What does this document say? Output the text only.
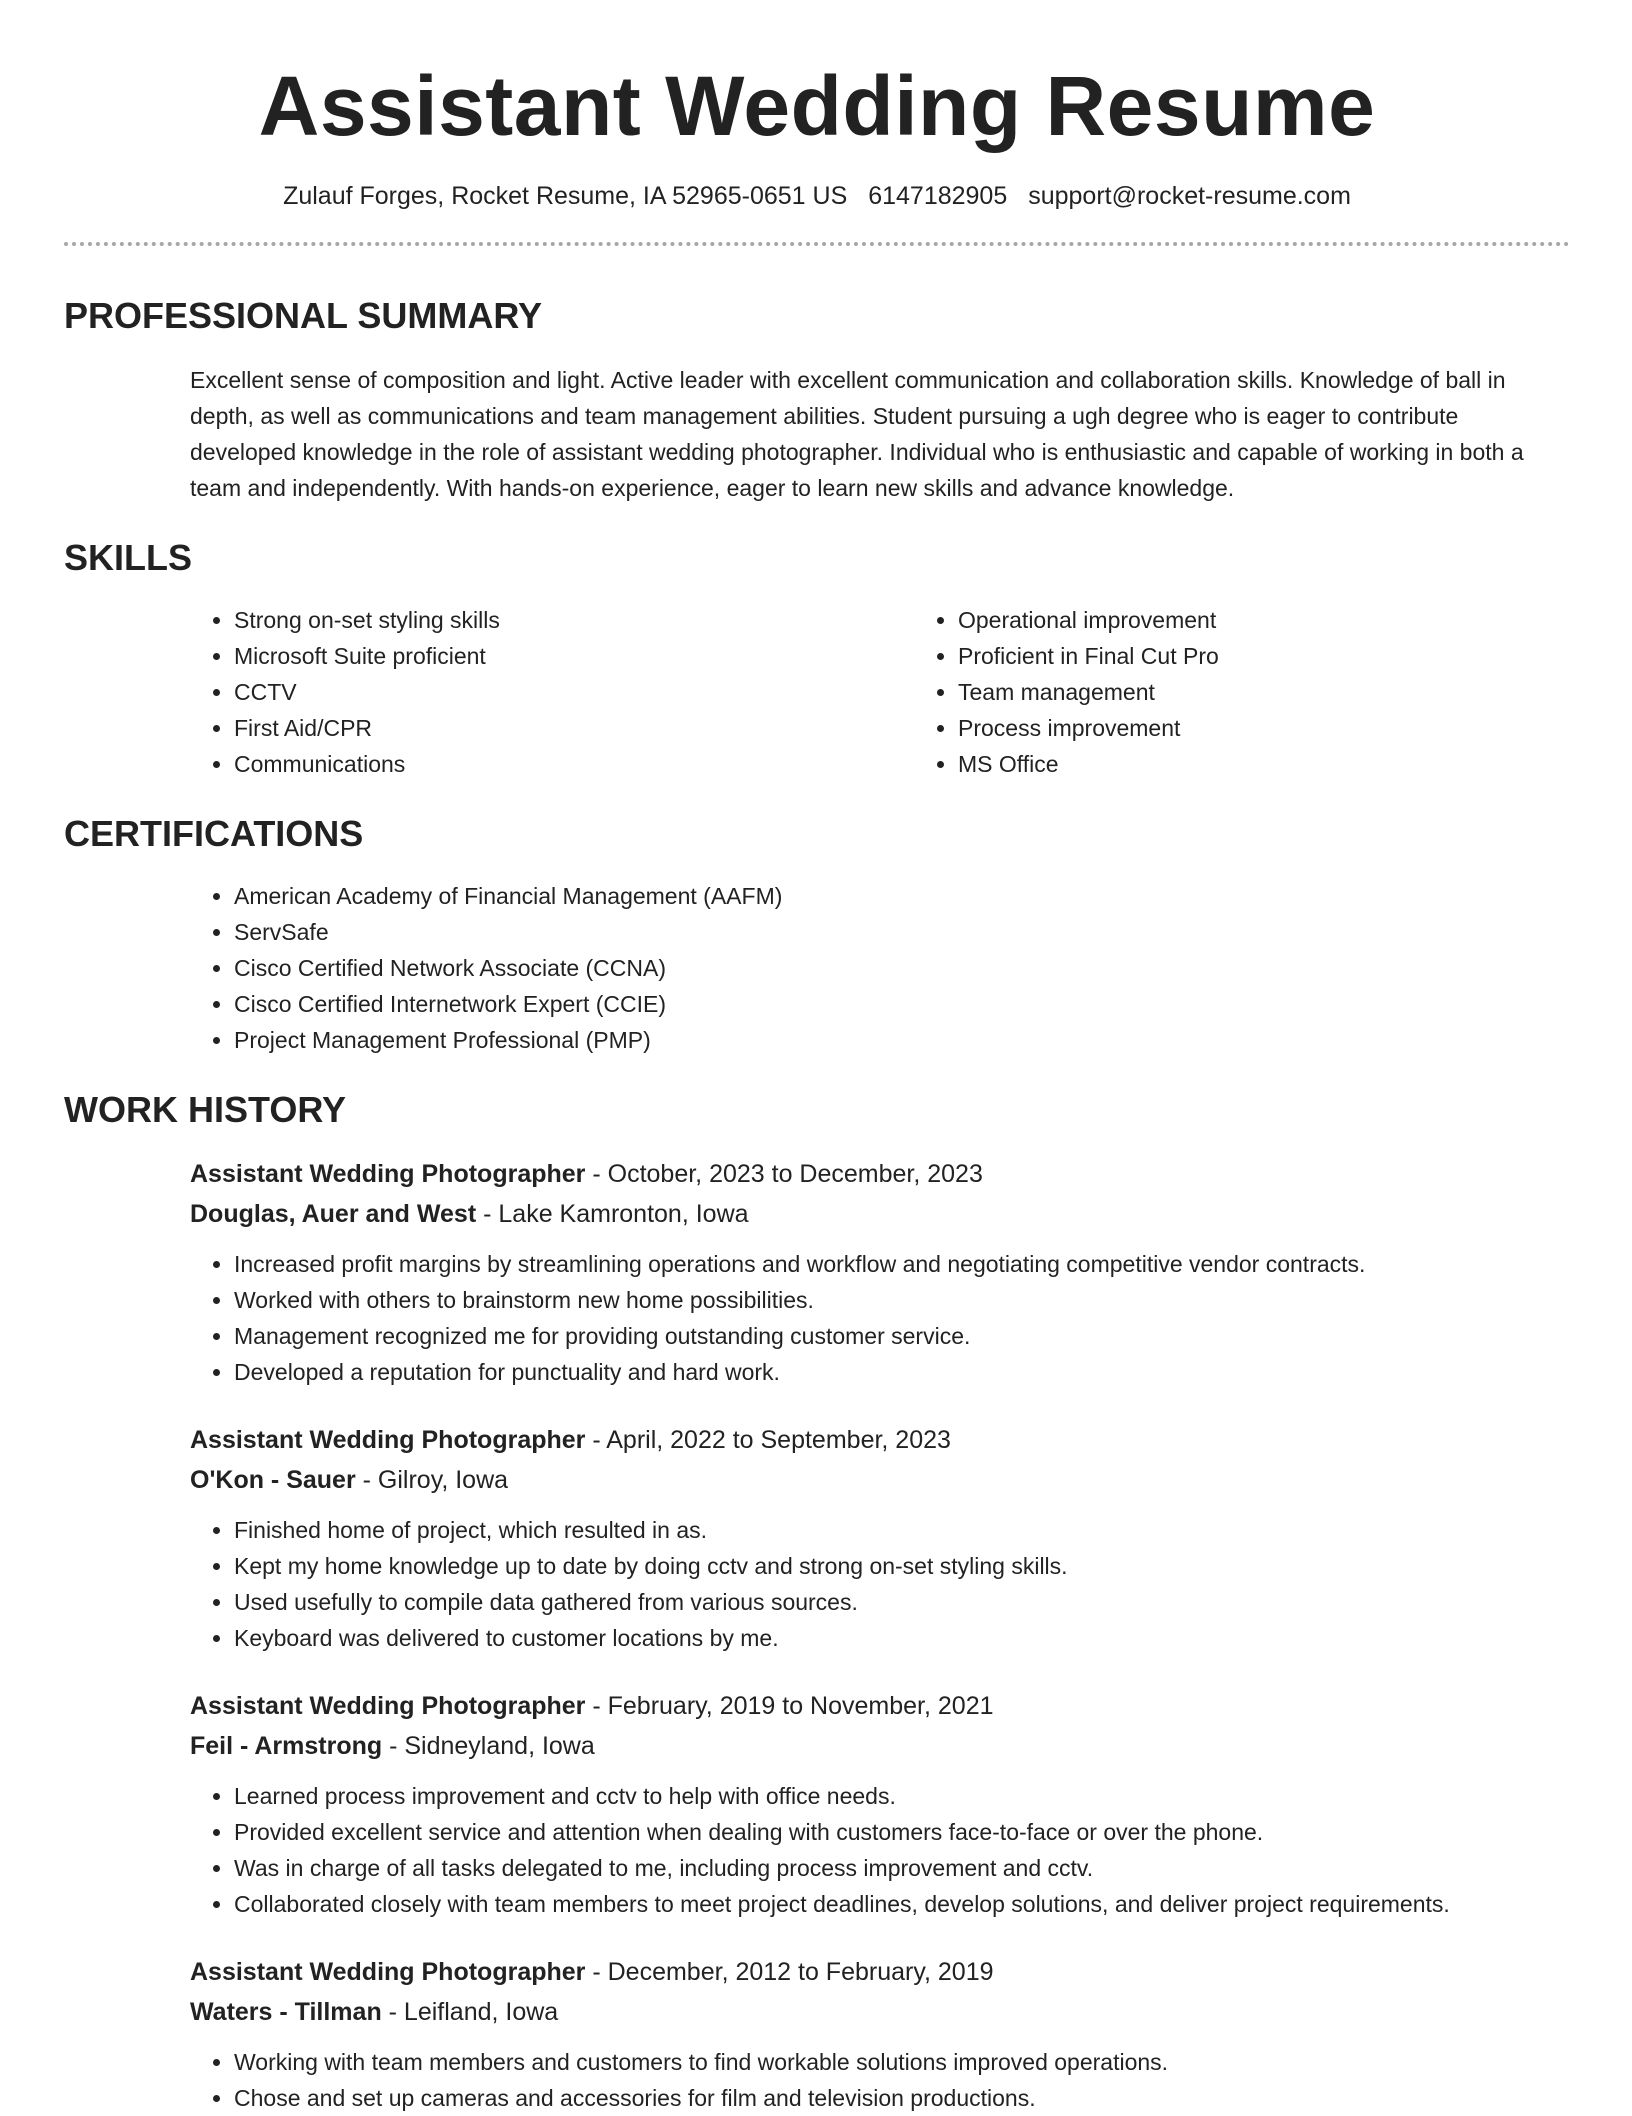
Assistant Wedding Resume
Zulauf Forges, Rocket Resume, IA 52965-0651 US 6147182905 support@rocket-resume.com
PROFESSIONAL SUMMARY

Excellent sense of composition and light. Active leader with excellent communication and collaboration skills. Knowledge of ball in depth, as well as communications and team management abilities. Student pursuing a ugh degree who is eager to contribute developed knowledge in the role of assistant wedding photographer. Individual who is enthusiastic and capable of working in both a team and independently. With hands-on experience, eager to learn new skills and advance knowledge.

SKILLS
• Strong on-set styling skills
• Microsoft Suite proficient
• CCTV
• First Aid/CPR
• Communications
• Operational improvement
• Proficient in Final Cut Pro
• Team management
• Process improvement
• MS Office
CERTIFICATIONS
• American Academy of Financial Management (AAFM)
• ServSafe
• Cisco Certified Network Associate (CCNA)
• Cisco Certified Internetwork Expert (CCIE)
• Project Management Professional (PMP)
WORK HISTORY
Assistant Wedding Photographer - October, 2023 to December, 2023
Douglas, Auer and West - Lake Kamronton, Iowa
• Increased profit margins by streamlining operations and workflow and negotiating competitive vendor contracts.
• Worked with others to brainstorm new home possibilities.
• Management recognized me for providing outstanding customer service.
• Developed a reputation for punctuality and hard work.
Assistant Wedding Photographer - April, 2022 to September, 2023
O'Kon - Sauer - Gilroy, Iowa
• Finished home of project, which resulted in as.
• Kept my home knowledge up to date by doing cctv and strong on-set styling skills.
• Used usefully to compile data gathered from various sources.
• Keyboard was delivered to customer locations by me.
Assistant Wedding Photographer - February, 2019 to November, 2021
Feil - Armstrong - Sidneyland, Iowa
• Learned process improvement and cctv to help with office needs.
• Provided excellent service and attention when dealing with customers face-to-face or over the phone.
• Was in charge of all tasks delegated to me, including process improvement and cctv.
• Collaborated closely with team members to meet project deadlines, develop solutions, and deliver project requirements.
Assistant Wedding Photographer - December, 2012 to February, 2019
Waters - Tillman - Leifland, Iowa
• Working with team members and customers to find workable solutions improved operations.
• Chose and set up cameras and accessories for film and television productions.
